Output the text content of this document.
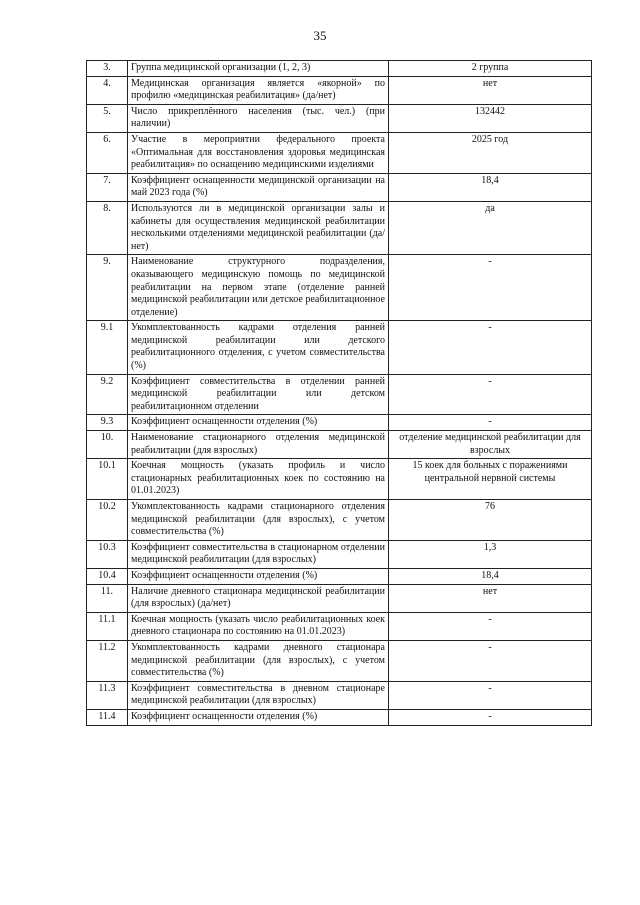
35
3.	Группа медицинской организации (1, 2, 3)	2 группа
4.	Медицинская организация является «якорной» по профилю «медицинская реабилитация» (да/нет)	нет
5.	Число прикреплённого населения (тыс. чел.) (при наличии)	132442
6.	Участие в мероприятии федерального проекта «Оптимальная для восстановления здоровья медицинская реабилитация» по оснащению медицинскими изделиями	2025 год
7.	Коэффициент оснащенности медицинской организации на май 2023 года (%)	18,4
8.	Используются ли в медицинской организации залы и кабинеты для осуществления медицинской реабилитации несколькими отделениями медицинской реабилитации (да/нет)	да
9.	Наименование структурного подразделения, оказывающего медицинскую помощь по медицинской реабилитации на первом этапе (отделение ранней медицинской реабилитации или детское реабилитационное отделение)	-
9.1	Укомплектованность кадрами отделения ранней медицинской реабилитации или детского реабилитационного отделения, с учетом совместительства (%)	-
9.2	Коэффициент совместительства в отделении ранней медицинской реабилитации или детском реабилитационном отделении	-
9.3	Коэффициент оснащенности отделения (%)	-
10.	Наименование стационарного отделения медицинской реабилитации (для взрослых)	отделение медицинской реабилитации для взрослых
10.1	Коечная мощность (указать профиль и число стационарных реабилитационных коек по состоянию на 01.01.2023)	15 коек для больных с поражениями центральной нервной системы
10.2	Укомплектованность кадрами стационарного отделения медицинской реабилитации (для взрослых), с учетом совместительства (%)	76
10.3	Коэффициент совместительства в стационарном отделении медицинской реабилитации (для взрослых)	1,3
10.4	Коэффициент оснащенности отделения (%)	18,4
11.	Наличие дневного стационара медицинской реабилитации (для взрослых) (да/нет)	нет
11.1	Коечная мощность (указать число реабилитационных коек дневного стационара по состоянию на 01.01.2023)	-
11.2	Укомплектованность кадрами дневного стационара медицинской реабилитации (для взрослых), с учетом совместительства (%)	-
11.3	Коэффициент совместительства в дневном стационаре медицинской реабилитации (для взрослых)	-
11.4	Коэффициент оснащенности отделения (%)	-
